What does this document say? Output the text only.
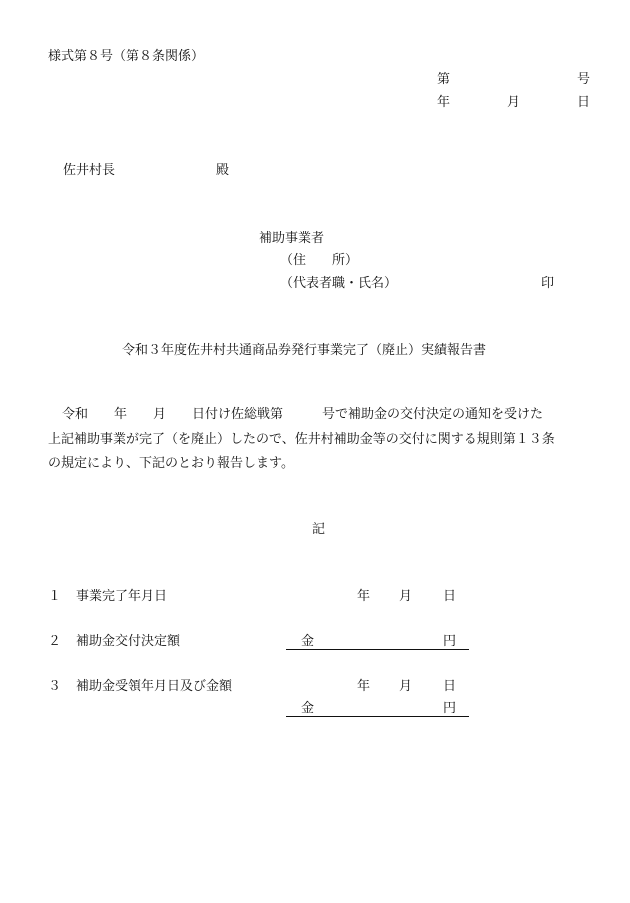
様式第８号（第８条関係）
第	号
年	月	日
佐井村長	殿
補助事業者
（住　　所）
（代表者職・氏名）	印
令和３年度佐井村共通商品券発行事業完了（廃止）実績報告書
令和　　年　　月　　日付け佐総戦第　　　号で補助金の交付決定の通知を受けた
上記補助事業が完了（を廃止）したので、佐井村補助金等の交付に関する規則第１３条
の規定により、下記のとおり報告します。
記
１ 事業完了年月日	年 月 日
２ 補助金交付決定額	金	円
３ 補助金受領年月日及び金額	年 月 日
金	円
